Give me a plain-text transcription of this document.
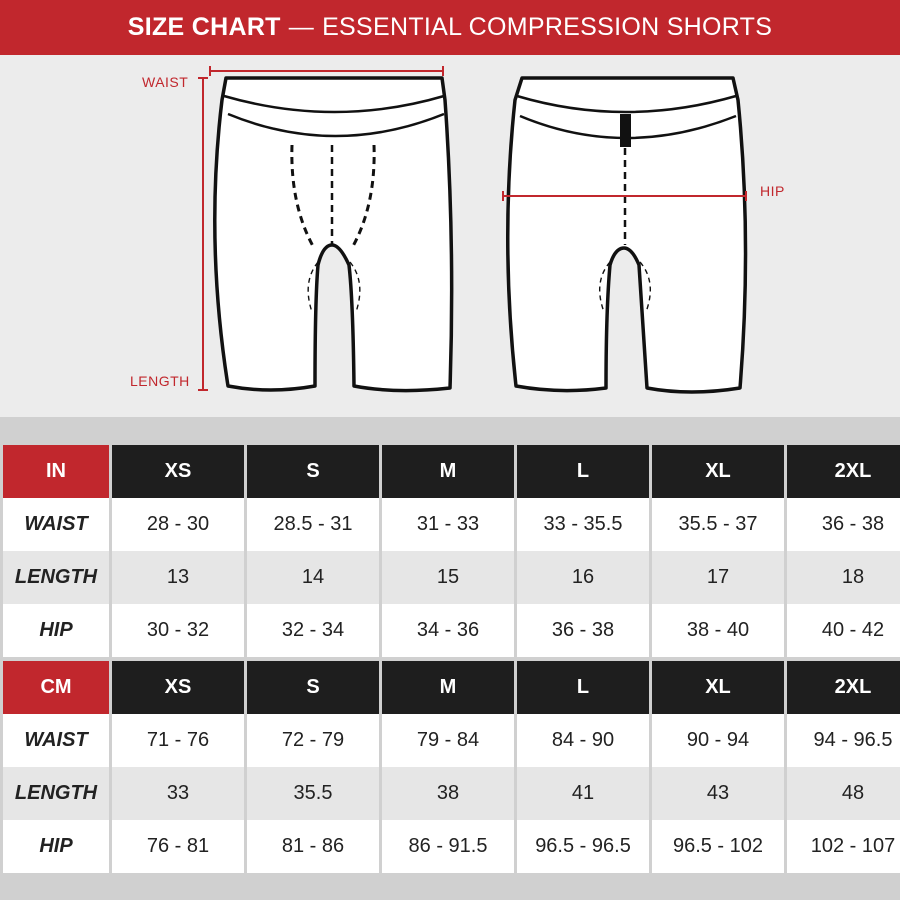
SIZE CHART — ESSENTIAL COMPRESSION SHORTS
WAIST
LENGTH
HIP
IN	XS	S	M	L	XL	2XL
WAIST	28 - 30	28.5 - 31	31 - 33	33 - 35.5	35.5 - 37	36 - 38
LENGTH	13	14	15	16	17	18
HIP	30 - 32	32 - 34	34 - 36	36 - 38	38 - 40	40 - 42
CM	XS	S	M	L	XL	2XL
WAIST	71 - 76	72 - 79	79 - 84	84 - 90	90 - 94	94 - 96.5
LENGTH	33	35.5	38	41	43	48
HIP	76 - 81	81 - 86	86 - 91.5	96.5 - 96.5	96.5 - 102	102 - 107
